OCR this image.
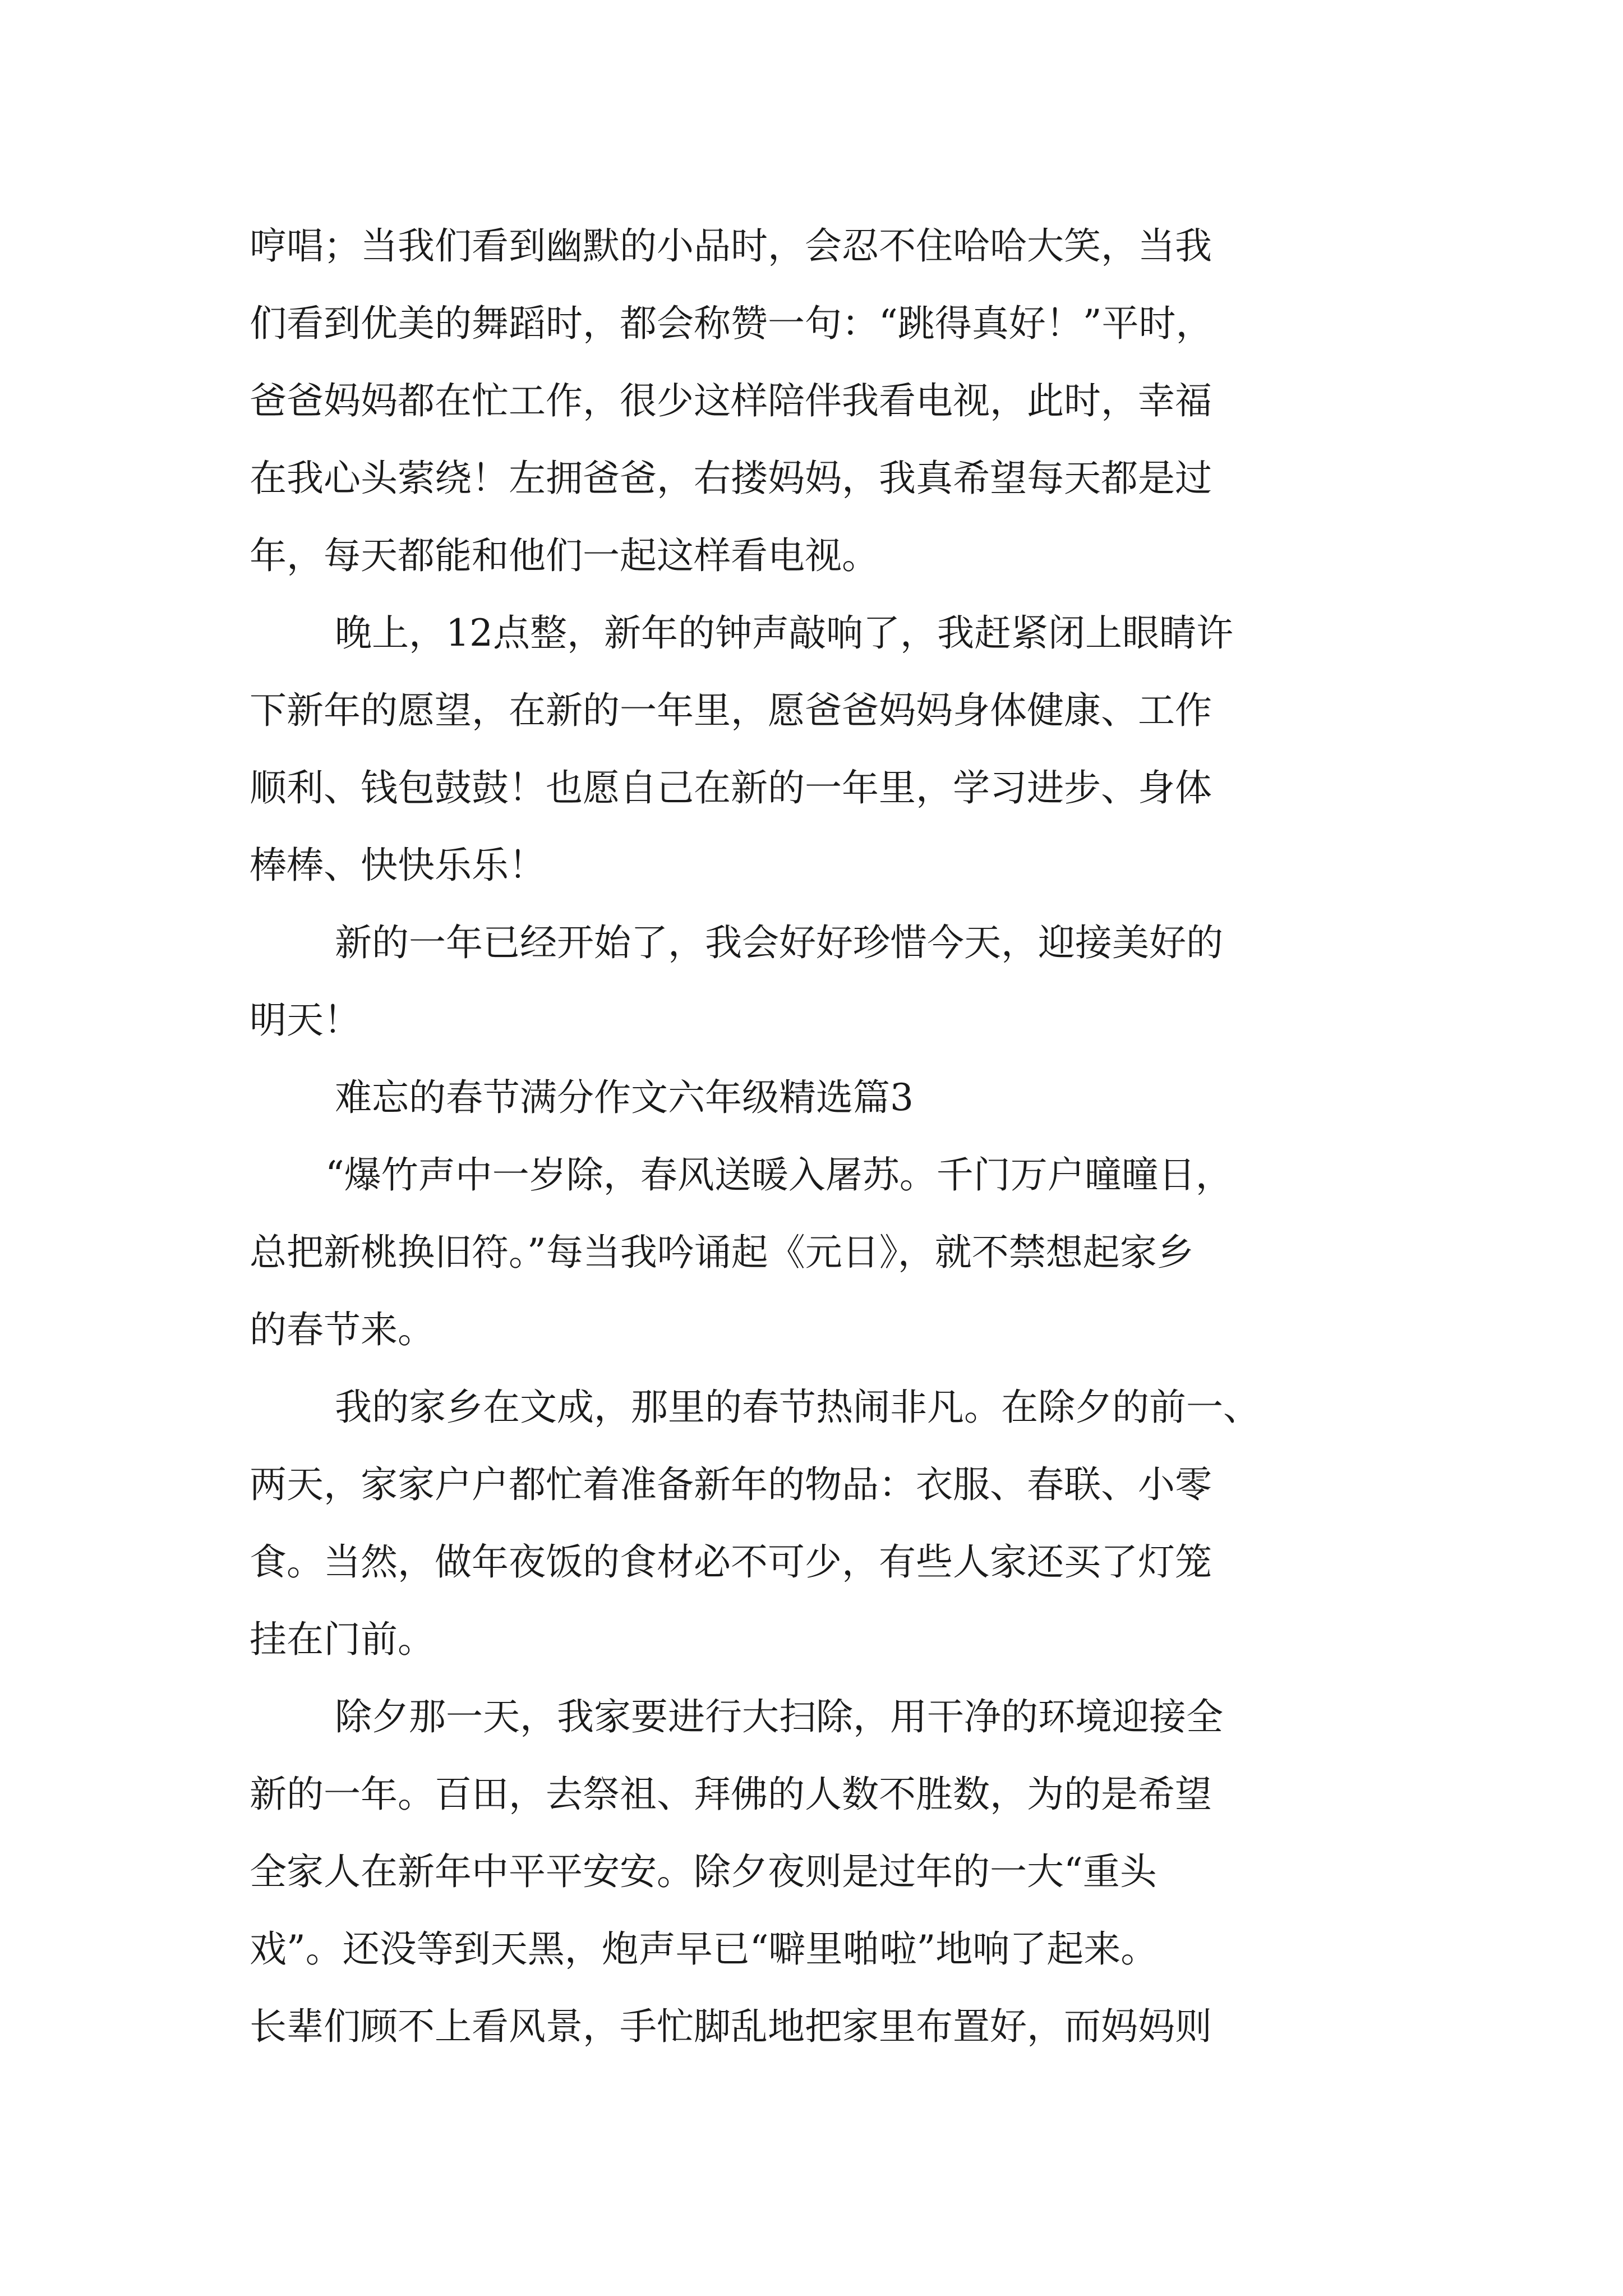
哼唱；当我们看到幽默的小品时，会忍不住哈哈大笑，当我
们看到优美的舞蹈时，都会称赞一句：“跳得真好！”平时，
爸爸妈妈都在忙工作，很少这样陪伴我看电视，此时，幸福
在我心头萦绕！左拥爸爸，右搂妈妈，我真希望每天都是过
年，每天都能和他们一起这样看电视。
晚上，12点整，新年的钟声敲响了，我赶紧闭上眼睛许
下新年的愿望，在新的一年里，愿爸爸妈妈身体健康、工作
顺利、钱包鼓鼓！也愿自己在新的一年里，学习进步、身体
棒棒、快快乐乐！
新的一年已经开始了，我会好好珍惜今天，迎接美好的
明天！
难忘的春节满分作文六年级精选篇3
“爆竹声中一岁除，春风送暖入屠苏。千门万户曈曈日，
总把新桃换旧符。”每当我吟诵起《元日》，就不禁想起家乡
的春节来。
我的家乡在文成，那里的春节热闹非凡。在除夕的前一、
两天，家家户户都忙着准备新年的物品：衣服、春联、小零
食。当然，做年夜饭的食材必不可少，有些人家还买了灯笼
挂在门前。
除夕那一天，我家要进行大扫除，用干净的环境迎接全
新的一年。百田，去祭祖、拜佛的人数不胜数，为的是希望
全家人在新年中平平安安。除夕夜则是过年的一大“重头
戏”。还没等到天黑，炮声早已“噼里啪啦”地响了起来。
长辈们顾不上看风景，手忙脚乱地把家里布置好，而妈妈则
